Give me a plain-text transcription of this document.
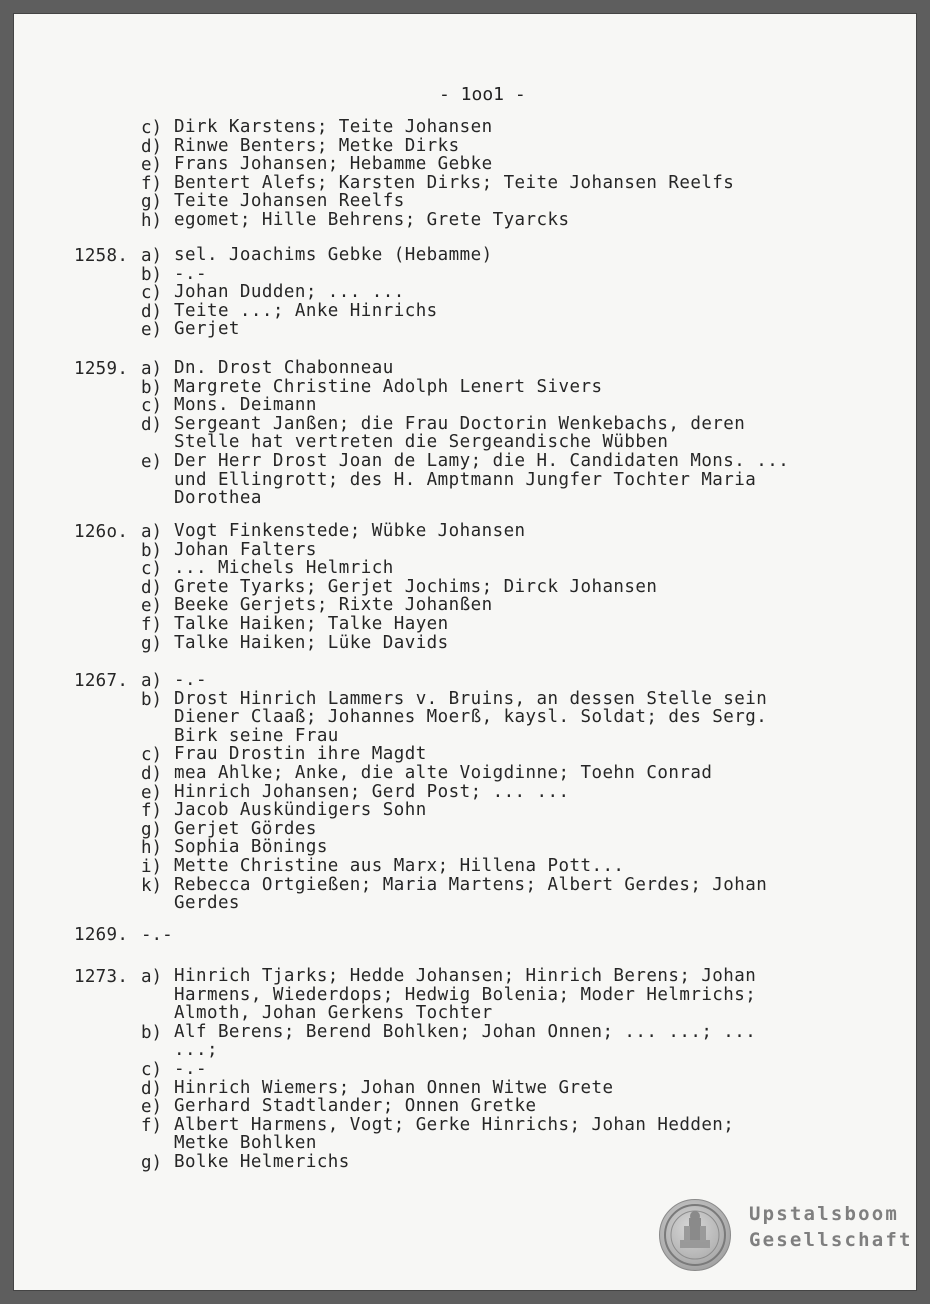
- 1oo1 -
c) Dirk Karstens; Teite Johansen
d) Rinwe Benters; Metke Dirks
e) Frans Johansen; Hebamme Gebke
f) Bentert Alefs; Karsten Dirks; Teite Johansen Reelfs
g) Teite Johansen Reelfs
h) egomet; Hille Behrens; Grete Tyarcks
1258. a) sel. Joachims Gebke (Hebamme)
b) -.-
c) Johan Dudden; ... ...
d) Teite ...; Anke Hinrichs
e) Gerjet
1259. a) Dn. Drost Chabonneau
b) Margrete Christine Adolph Lenert Sivers
c) Mons. Deimann
d) Sergeant Janßen; die Frau Doctorin Wenkebachs, deren
Stelle hat vertreten die Sergeandische Wübben
e) Der Herr Drost Joan de Lamy; die H. Candidaten Mons. ...
und Ellingrott; des H. Amptmann Jungfer Tochter Maria
Dorothea
126o. a) Vogt Finkenstede; Wübke Johansen
b) Johan Falters
c) ... Michels Helmrich
d) Grete Tyarks; Gerjet Jochims; Dirck Johansen
e) Beeke Gerjets; Rixte Johanßen
f) Talke Haiken; Talke Hayen
g) Talke Haiken; Lüke Davids
1267. a) -.-
b) Drost Hinrich Lammers v. Bruins, an dessen Stelle sein
Diener Claaß; Johannes Moerß, kaysl. Soldat; des Serg.
Birk seine Frau
c) Frau Drostin ihre Magdt
d) mea Ahlke; Anke, die alte Voigdinne; Toehn Conrad
e) Hinrich Johansen; Gerd Post; ... ...
f) Jacob Auskündigers Sohn
g) Gerjet Gördes
h) Sophia Bönings
i) Mette Christine aus Marx; Hillena Pott...
k) Rebecca Ortgießen; Maria Martens; Albert Gerdes; Johan
Gerdes
1269. -.-
1273. a) Hinrich Tjarks; Hedde Johansen; Hinrich Berens; Johan
Harmens, Wiederdops; Hedwig Bolenia; Moder Helmrichs;
Almoth, Johan Gerkens Tochter
b) Alf Berens; Berend Bohlken; Johan Onnen; ... ...; ...
...;
c) -.-
d) Hinrich Wiemers; Johan Onnen Witwe Grete
e) Gerhard Stadtlander; Onnen Gretke
f) Albert Harmens, Vogt; Gerke Hinrichs; Johan Hedden;
Metke Bohlken
g) Bolke Helmerichs
Upstalsboom
Gesellschaft
